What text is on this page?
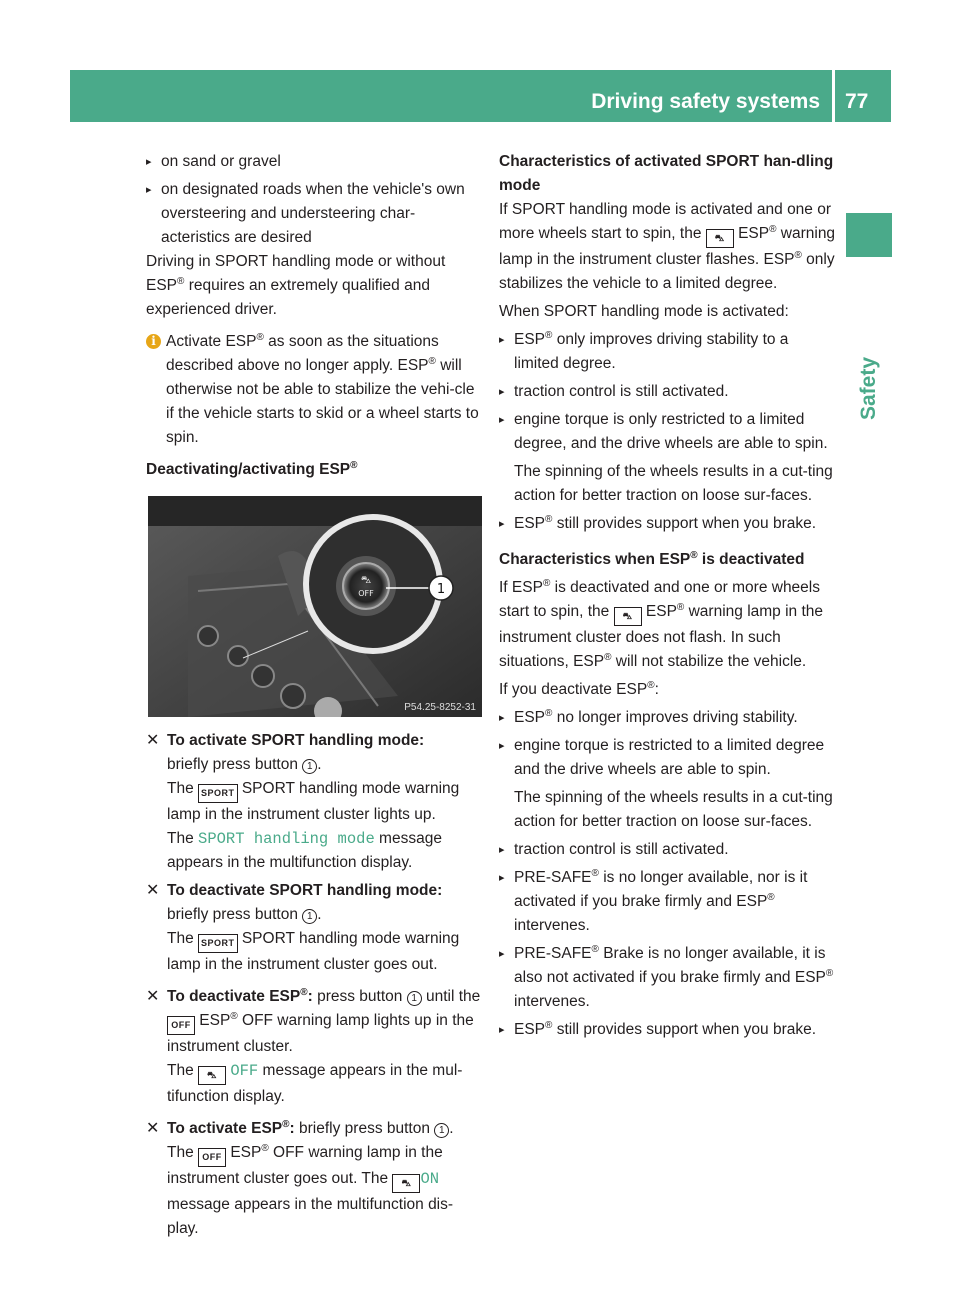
Driving safety systems 77
Safety

▸ on sand or gravel

▸ on designated roads when the vehicle's own oversteering and understeering char-acteristics are desired

Driving in SPORT handling mode or without ESP® requires an extremely qualified and experienced driver.

i Activate ESP® as soon as the situations described above no longer apply. ESP® will otherwise not be able to stabilize the vehi-cle if the vehicle starts to skid or a wheel starts to spin.

Deactivating/activating ESP®

⛍
OFF	1
P54.25-8252-31
✕ To activate SPORT handling mode:

briefly press button 1 .

The SPORT SPORT handling mode warning lamp in the instrument cluster lights up.

The SPORT handling mode message appears in the multifunction display.

✕ To deactivate SPORT handling mode:

briefly press button 1 .

The SPORT SPORT handling mode warning lamp in the instrument cluster goes out.

✕ To deactivate ESP®: press button 1 until the OFF ESP® OFF warning lamp lights up in the instrument cluster.

The ⛍ OFF message appears in the mul-tifunction display.

✕ To activate ESP®: briefly press button 1 .

The OFF ESP® OFF warning lamp in the instrument cluster goes out. The ⛍ ON message appears in the multifunction dis-play.

Characteristics of activated SPORT han-dling mode

If SPORT handling mode is activated and one or more wheels start to spin, the ⛍ ESP® warning lamp in the instrument cluster flashes. ESP® only stabilizes the vehicle to a limited degree.

When SPORT handling mode is activated:

▸ ESP® only improves driving stability to a limited degree.

▸ traction control is still activated.

▸ engine torque is only restricted to a limited degree, and the drive wheels are able to spin.

The spinning of the wheels results in a cut-ting action for better traction on loose sur-faces.

▸ ESP® still provides support when you brake.

Characteristics when ESP® is deactivated

If ESP® is deactivated and one or more wheels start to spin, the ⛍ ESP® warning lamp in the instrument cluster does not flash. In such situations, ESP® will not stabilize the vehicle.

If you deactivate ESP®:

▸ ESP® no longer improves driving stability.

▸ engine torque is restricted to a limited degree and the drive wheels are able to spin.

The spinning of the wheels results in a cut-ting action for better traction on loose sur-faces.

▸ traction control is still activated.

▸ PRE-SAFE® is no longer available, nor is it activated if you brake firmly and ESP® intervenes.

▸ PRE-SAFE® Brake is no longer available, it is also not activated if you brake firmly and ESP® intervenes.

▸ ESP® still provides support when you brake.
